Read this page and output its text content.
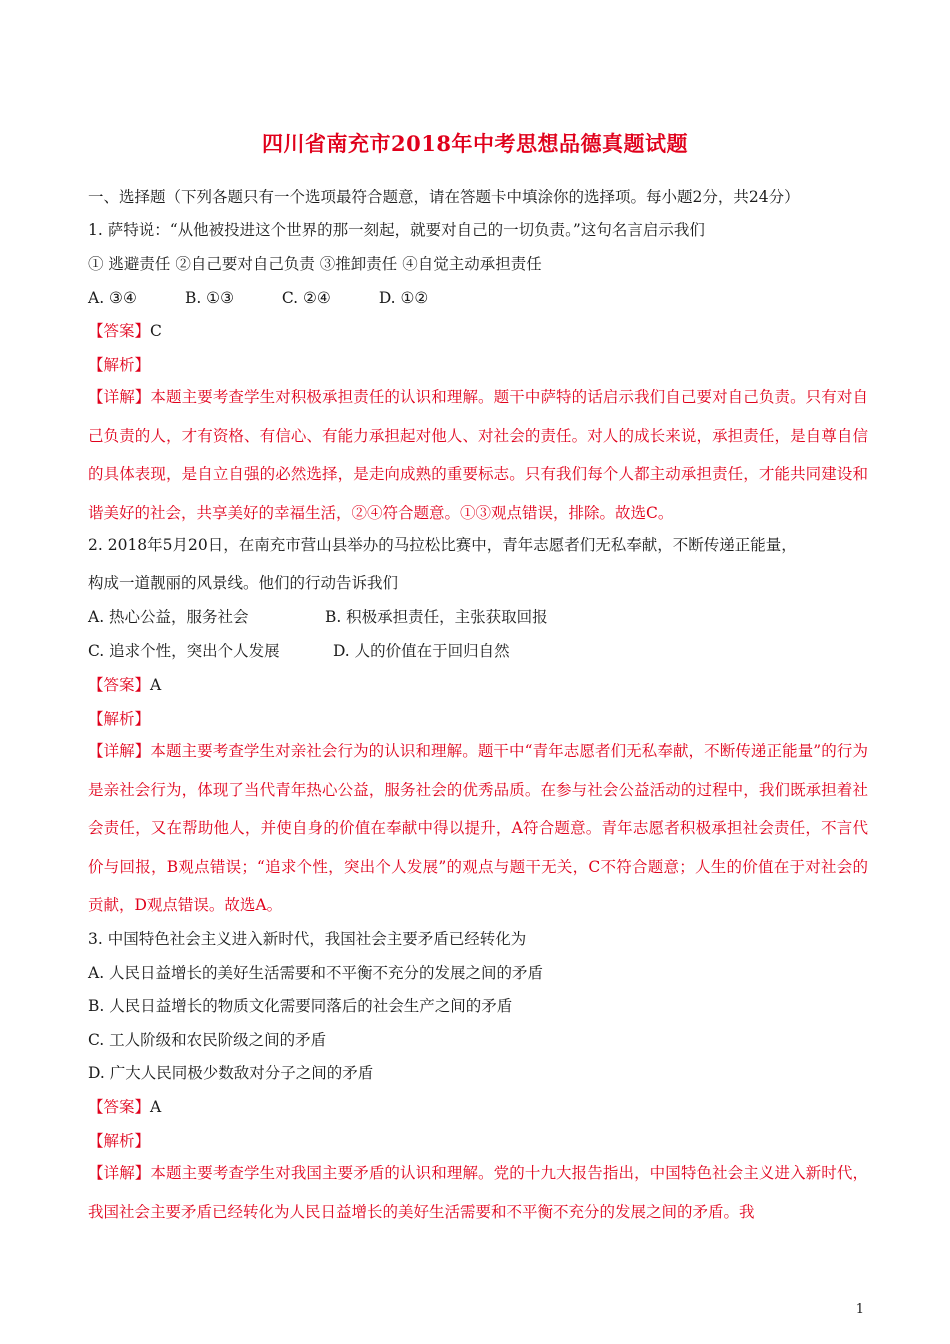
四川省南充市2018年中考思想品德真题试题
一、选择题（下列各题只有一个选项最符合题意，请在答题卡中填涂你的选择项。每小题2分，共24分）
1. 萨特说：“从他被投进这个世界的那一刻起，就要对自己的一切负责。”这句名言启示我们
① 逃避责任 ②自己要对自己负责 ③推卸责任 ④自觉主动承担责任
A. ③④	B. ①③	C. ②④	D. ①②
【答案】C
【解析】
【详解】本题主要考查学生对积极承担责任的认识和理解。题干中萨特的话启示我们自己要对自己负责。只有对自己负责的人，才有资格、有信心、有能力承担起对他人、对社会的责任。对人的成长来说，承担责任，是自尊自信的具体表现，是自立自强的必然选择，是走向成熟的重要标志。只有我们每个人都主动承担责任，才能共同建设和谐美好的社会，共享美好的幸福生活，②④符合题意。①③观点错误，排除。故选C。
2. 2018年5月20日，在南充市营山县举办的马拉松比赛中，青年志愿者们无私奉献，不断传递正能量，
构成一道靓丽的风景线。他们的行动告诉我们
A. 热心公益，服务社会	B. 积极承担责任，主张获取回报
C. 追求个性，突出个人发展	D. 人的价值在于回归自然
【答案】A
【解析】
【详解】本题主要考查学生对亲社会行为的认识和理解。题干中“青年志愿者们无私奉献，不断传递正能量”的行为是亲社会行为，体现了当代青年热心公益，服务社会的优秀品质。在参与社会公益活动的过程中，我们既承担着社会责任，又在帮助他人，并使自身的价值在奉献中得以提升，A符合题意。青年志愿者积极承担社会责任，不言代价与回报，B观点错误；“追求个性，突出个人发展”的观点与题干无关，C不符合题意；人生的价值在于对社会的贡献，D观点错误。故选A。
3. 中国特色社会主义进入新时代，我国社会主要矛盾已经转化为
A. 人民日益增长的美好生活需要和不平衡不充分的发展之间的矛盾
B. 人民日益增长的物质文化需要同落后的社会生产之间的矛盾
C. 工人阶级和农民阶级之间的矛盾
D. 广大人民同极少数敌对分子之间的矛盾
【答案】A
【解析】
【详解】本题主要考查学生对我国主要矛盾的认识和理解。党的十九大报告指出，中国特色社会主义进入新时代，我国社会主要矛盾已经转化为人民日益增长的美好生活需要和不平衡不充分的发展之间的矛盾。我
1
